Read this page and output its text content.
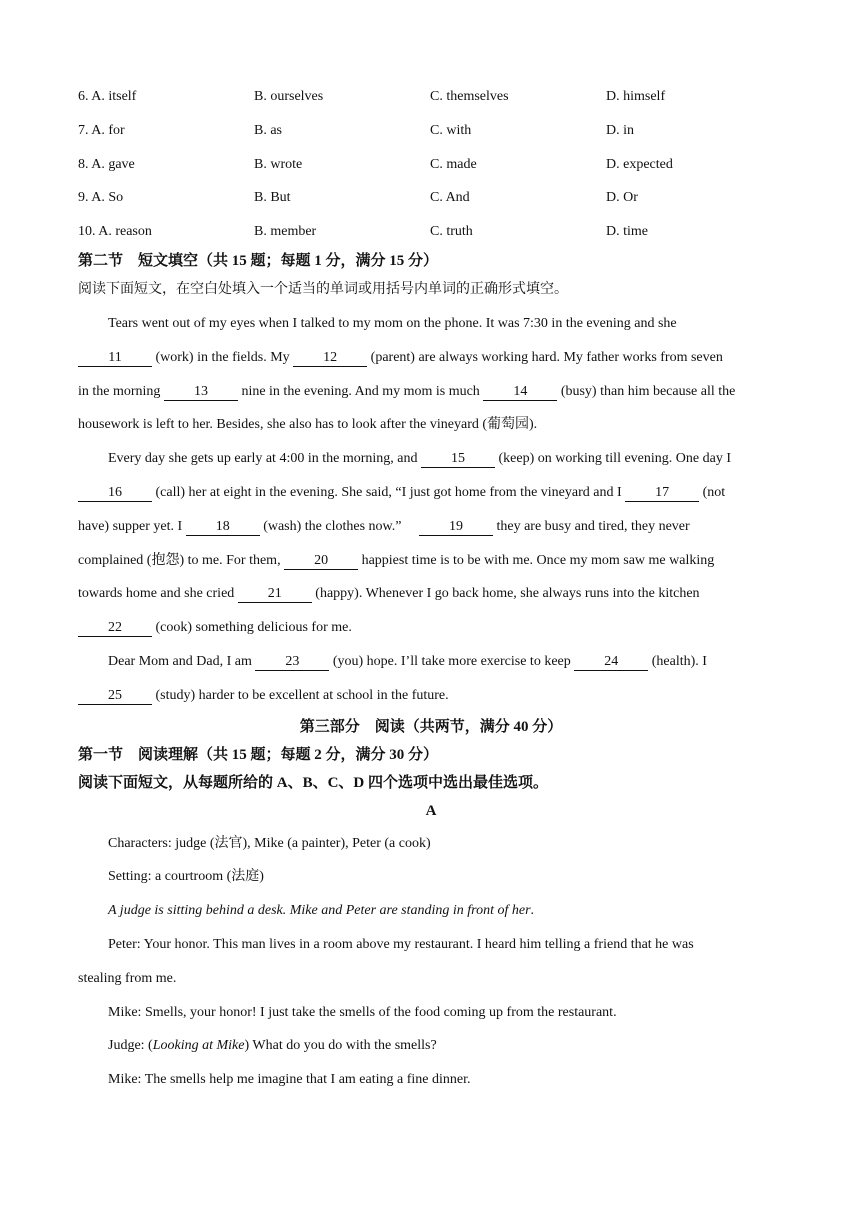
6. A. itself	B. ourselves	C. themselves	D. himself
7. A. for	B. as	C. with	D. in
8. A. gave	B. wrote	C. made	D. expected
9. A. So	B. But	C. And	D. Or
10. A. reason	B. member	C. truth	D. time
第二节　短文填空（共 15 题；每题 1 分，满分 15 分）
阅读下面短文，在空白处填入一个适当的单词或用括号内单词的正确形式填空。
Tears went out of my eyes when I talked to my mom on the phone. It was 7:30 in the evening and she
11 (work) in the fields. My 12 (parent) are always working hard. My father works from seven
in the morning 13 nine in the evening. And my mom is much 14 (busy) than him because all the
housework is left to her. Besides, she also has to look after the vineyard (葡萄园).
Every day she gets up early at 4:00 in the morning, and 15 (keep) on working till evening. One day I
16 (call) her at eight in the evening. She said, “I just got home from the vineyard and I 17 (not
have) supper yet. I 18 (wash) the clothes now.”　 19 they are busy and tired, they never
complained (抱怨) to me. For them, 20 happiest time is to be with me. Once my mom saw me walking
towards home and she cried 21 (happy). Whenever I go back home, she always runs into the kitchen
22 (cook) something delicious for me.
Dear Mom and Dad, I am 23 (you) hope. I’ll take more exercise to keep 24 (health). I
25 (study) harder to be excellent at school in the future.
第三部分　阅读（共两节，满分 40 分）
第一节　阅读理解（共 15 题；每题 2 分，满分 30 分）
阅读下面短文，从每题所给的 A、B、C、D 四个选项中选出最佳选项。
A
Characters: judge (法官), Mike (a painter), Peter (a cook)
Setting: a courtroom (法庭)
A judge is sitting behind a desk. Mike and Peter are standing in front of her.
Peter: Your honor. This man lives in a room above my restaurant. I heard him telling a friend that he was
stealing from me.
Mike: Smells, your honor! I just take the smells of the food coming up from the restaurant.
Judge: (Looking at Mike) What do you do with the smells?
Mike: The smells help me imagine that I am eating a fine dinner.
